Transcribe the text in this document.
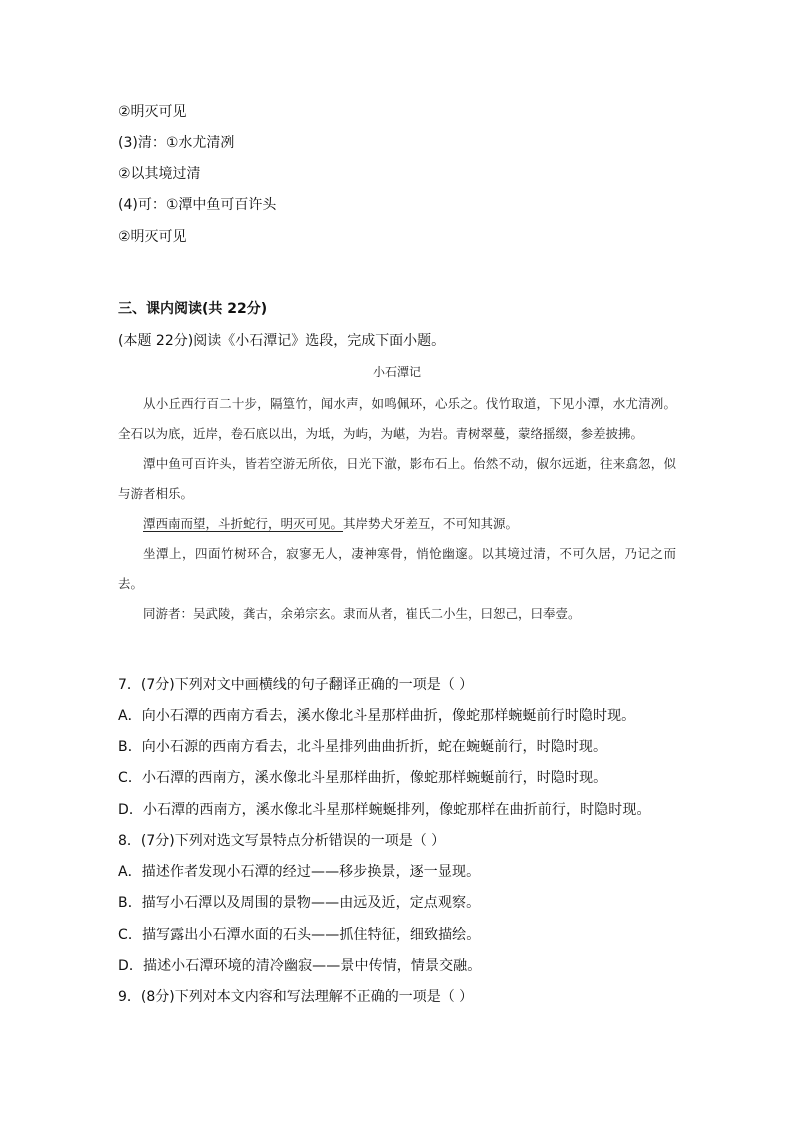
②明灭可见
(3)清：①水尤清冽
②以其境过清
(4)可：①潭中鱼可百许头
②明灭可见
三、课内阅读(共 22分)
(本题 22分)阅读《小石潭记》选段，完成下面小题。
小石潭记

从小丘西行百二十步，隔篁竹，闻水声，如鸣佩环，心乐之。伐竹取道，下见小潭，水尤清冽。全石以为底，近岸，卷石底以出，为坻，为屿，为嵁，为岩。青树翠蔓，蒙络摇缀，参差披拂。

潭中鱼可百许头，皆若空游无所依，日光下澈，影布石上。佁然不动，俶尔远逝，往来翕忽，似与游者相乐。

潭西南而望，斗折蛇行，明灭可见。其岸势犬牙差互，不可知其源。

坐潭上，四面竹树环合，寂寥无人，凄神寒骨，悄怆幽邃。以其境过清，不可久居，乃记之而去。

同游者：吴武陵，龚古，余弟宗玄。隶而从者，崔氏二小生，曰恕己，曰奉壹。

7．(7分)下列对文中画横线的句子翻译正确的一项是（ ）
A．向小石潭的西南方看去，溪水像北斗星那样曲折，像蛇那样蜿蜒前行时隐时现。
B．向小石源的西南方看去，北斗星排列曲曲折折，蛇在蜿蜒前行，时隐时现。
C．小石潭的西南方，溪水像北斗星那样曲折，像蛇那样蜿蜒前行，时隐时现。
D．小石潭的西南方，溪水像北斗星那样蜿蜒排列，像蛇那样在曲折前行，时隐时现。
8．(7分)下列对选文写景特点分析错误的一项是（ ）
A．描述作者发现小石潭的经过——移步换景，逐一显现。
B．描写小石潭以及周围的景物——由远及近，定点观察。
C．描写露出小石潭水面的石头——抓住特征，细致描绘。
D．描述小石潭环境的清冷幽寂——景中传情，情景交融。
9．(8分)下列对本文内容和写法理解不正确的一项是（ ）
